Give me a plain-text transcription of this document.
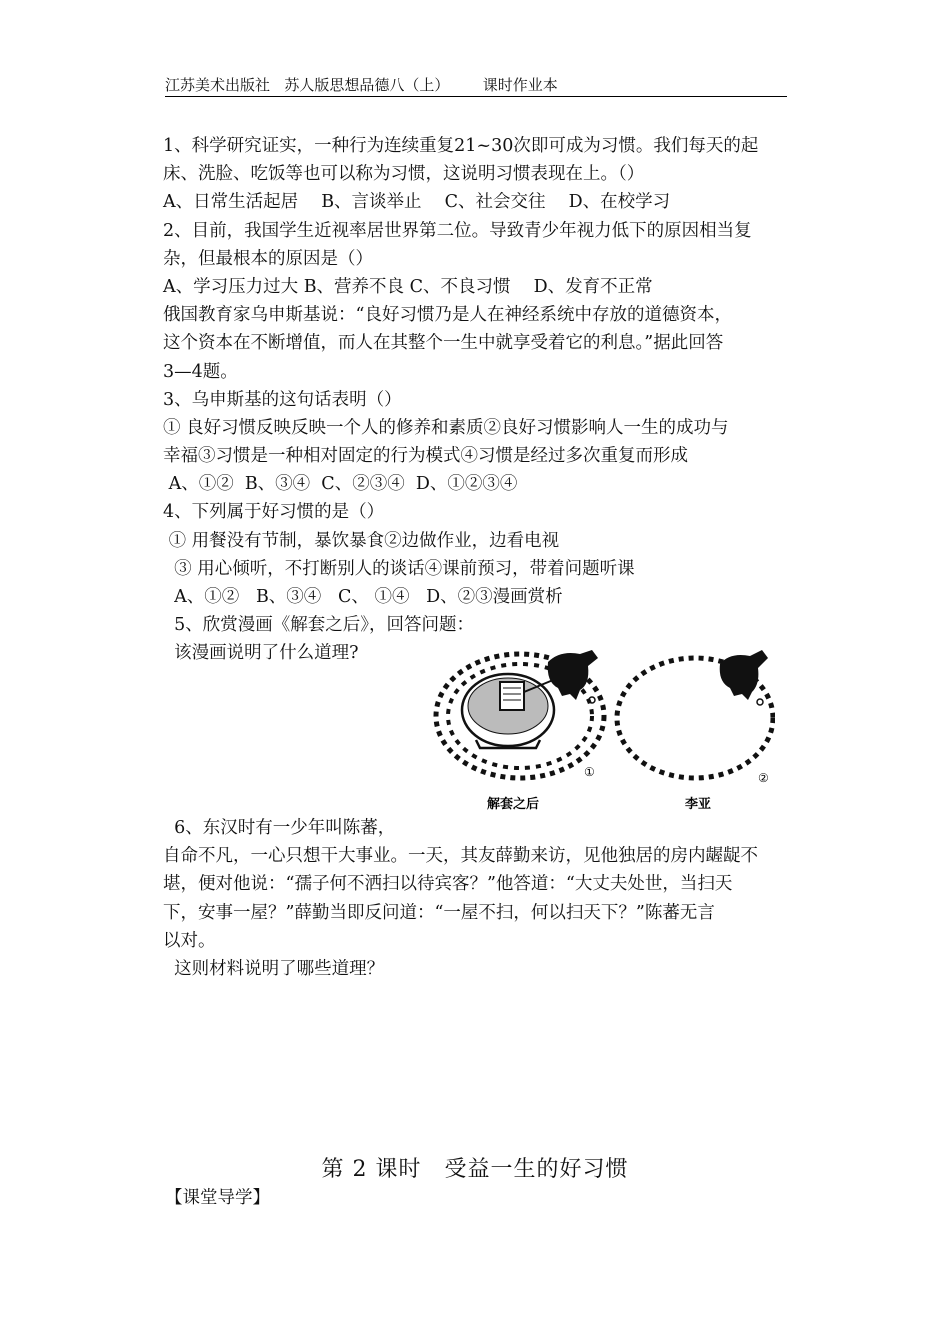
江苏美术出版社 苏人版思想品德八（上） 课时作业本
1、科学研究证实，一种行为连续重复21~30次即可成为习惯。我们每天的起
床、洗脸、吃饭等也可以称为习惯，这说明习惯表现在上。（）
A、日常生活起居　 B、言谈举止　 C、社会交往　 D、在校学习
2、目前，我国学生近视率居世界第二位。导致青少年视力低下的原因相当复
杂，但最根本的原因是（）
A、学习压力过大 B、营养不良 C、不良习惯　 D、发育不正常
俄国教育家乌申斯基说：“良好习惯乃是人在神经系统中存放的道德资本，
这个资本在不断增值，而人在其整个一生中就享受着它的利息。”据此回答
3—4题。
3、乌申斯基的这句话表明（）
① 良好习惯反映反映一个人的修养和素质②良好习惯影响人一生的成功与
幸福③习惯是一种相对固定的行为模式④习惯是经过多次重复而形成
A、①②  B、③④  C、②③④  D、①②③④
4、下列属于好习惯的是（）
① 用餐没有节制，暴饮暴食②边做作业，边看电视
③ 用心倾听，不打断别人的谈话④课前预习，带着问题听课
A、①②   B、③④   C、 ①④   D、②③漫画赏析
5、欣赏漫画《解套之后》，回答问题：
该漫画说明了什么道理?
①	②
解套之后	李亚
6、东汉时有一少年叫陈蕃，
自命不凡，一心只想干大事业。一天，其友薛勤来访，见他独居的房内龌龊不
堪，便对他说：“孺子何不洒扫以待宾客？”他答道：“大丈夫处世，当扫天
下，安事一屋？”薛勤当即反问道：“一屋不扫，何以扫天下？”陈蕃无言
以对。
这则材料说明了哪些道理？
第 2 课时　受益一生的好习惯
【课堂导学】
